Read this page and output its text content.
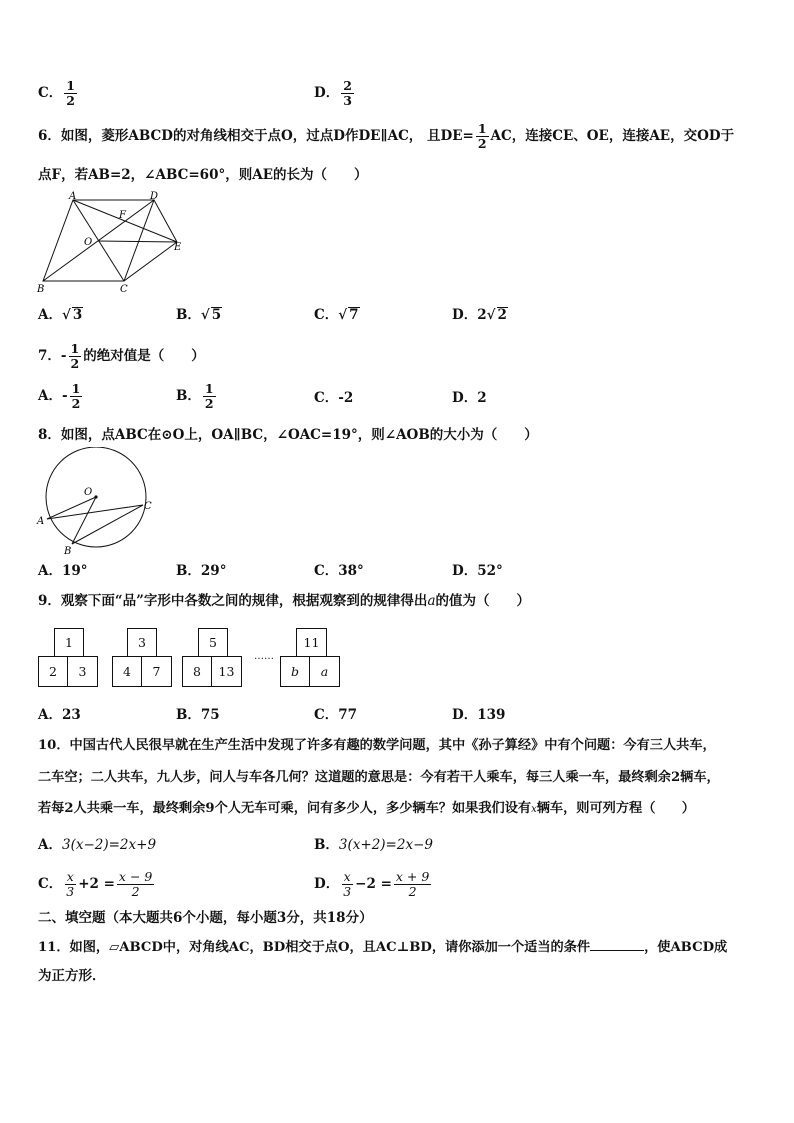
C． $\frac{1}{2}$	D． $\frac{2}{3}$
6．如图，菱形ABCD的对角线相交于点O，过点D作DE∥AC， 且$DE= \frac{1}{2}$ AC，连接CE、OE，连接AE，交OD于
点F，若AB=2，∠ABC=60°，则AE的长为（　　）
A	D
F
O	E
B	C
A．√ 3	B．√ 5	C．√ 7	D．2√ 2
7．- $\frac{1}{2}$ 的绝对值是（　　）
A．- $\frac{1}{2}$	B． $\frac{1}{2}$	C．-2	D．2
8．如图，点ABC在⊙O上，OA∥BC，∠OAC=19°，则∠AOB的大小为（　　）
O
A
B
C
A．19°	B．29°	C．38°	D．52°
9．观察下面“品”字形中各数之间的规律，根据观察到的规律得出a的值为（　　）
1
2	3
3
4	7
5
8	13
……
11
b	a
A．23	B．75	C．77	D．139
10．中国古代人民很早就在生产生活中发现了许多有趣的数学问题，其中《孙子算经》中有个问题：今有三人共车，
二车空；二人共车，九人步，问人与车各几何？这道题的意思是：今有若干人乘车，每三人乘一车，最终剩余2辆车，
若每2人共乘一车，最终剩余9个人无车可乘，问有多少人，多少辆车？如果我们设有x辆车，则可列方程（　　）
A．3(x−2)=2x+9	B．3(x+2)=2x−9
C． $\frac{x}{3} +2 = \frac{x - 9}{2}$	D． $\frac{x}{3} -2 = \frac{x + 9}{2}$
二、填空题（本大题共6个小题，每小题3分，共18分）
11．如图，▱ABCD中，对角线AC，BD相交于点O，且AC⊥BD，请你添加一个适当的条件	，使ABCD成
为正方形．
